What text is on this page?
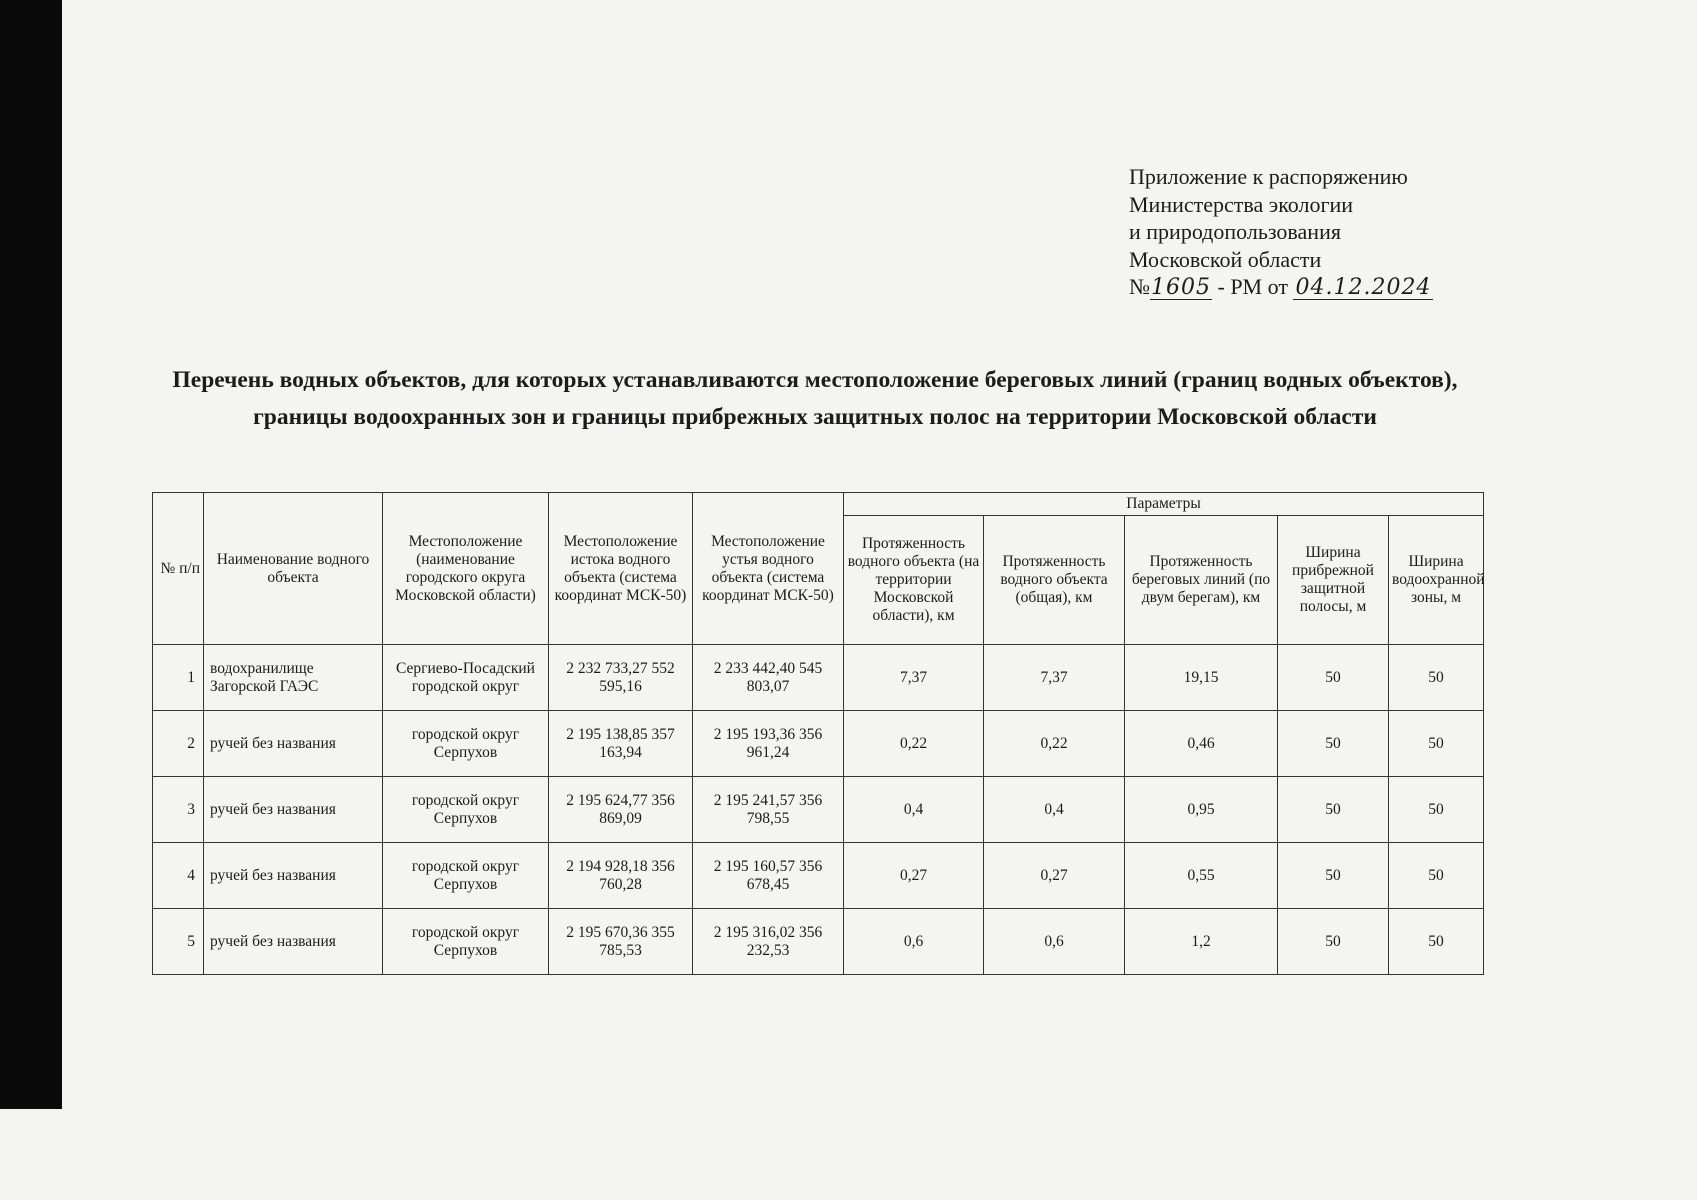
Приложение к распоряжению
Министерства экологии
и природопользования
Московской области
№1605 - РМ от 04.12.2024
Перечень водных объектов, для которых устанавливаются местоположение береговых линий (границ водных объектов), границы водоохранных зон и границы прибрежных защитных полос на территории Московской области
№ п/п	Наименование водного объекта	Местоположение (наименование городского округа Московской области)	Местоположение истока водного объекта (система координат МСК-50)	Местоположение устья водного объекта (система координат МСК-50)	Параметры				
					Протяженность водного объекта (на территории Московской области), км	Протяженность водного объекта (общая), км	Протяженность береговых линий (по двум берегам), км	Ширина прибрежной защитной полосы, м	Ширина водоохранной зоны, м
1	водохранилище Загорской ГАЭС	Сергиево-Посадский городской округ	2 232 733,27 552 595,16	2 233 442,40 545 803,07	7,37	7,37	19,15	50	50
2	ручей без названия	городской округ Серпухов	2 195 138,85 357 163,94	2 195 193,36 356 961,24	0,22	0,22	0,46	50	50
3	ручей без названия	городской округ Серпухов	2 195 624,77 356 869,09	2 195 241,57 356 798,55	0,4	0,4	0,95	50	50
4	ручей без названия	городской округ Серпухов	2 194 928,18 356 760,28	2 195 160,57 356 678,45	0,27	0,27	0,55	50	50
5	ручей без названия	городской округ Серпухов	2 195 670,36 355 785,53	2 195 316,02 356 232,53	0,6	0,6	1,2	50	50
